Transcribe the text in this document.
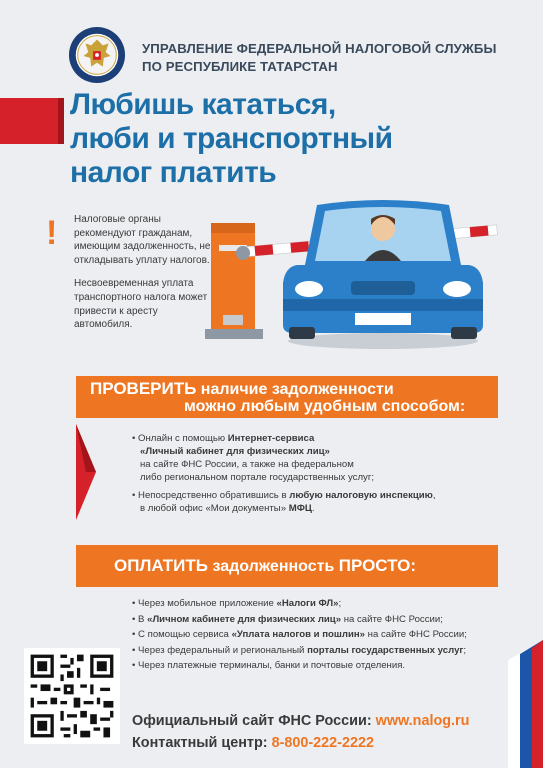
УПРАВЛЕНИЕ ФЕДЕРАЛЬНОЙ НАЛОГОВОЙ СЛУЖБЫ
ПО РЕСПУБЛИКЕ ТАТАРСТАН
Любишь кататься,
люби и транспортный
налог платить
! Налоговые органы рекомендуют гражданам, имеющим задолженность, не откладывать уплату налогов.

Несвоевременная уплата транспортного налога может привести к аресту автомобиля.

ПРОВЕРИТЬ наличие задолженности
можно любым удобным способом:
• Онлайн с помощью Интернет-сервиса
«Личный кабинет для физических лиц»
на сайте ФНС России, а также на федеральном
либо региональном портале государственных услуг;
• Непосредственно обратившись в любую налоговую инспекцию,
в любой офис «Мои документы» МФЦ.
ОПЛАТИТЬ задолженность ПРОСТО:
• Через мобильное приложение «Налоги ФЛ»;
• В «Личном кабинете для физических лиц» на сайте ФНС России;
• С помощью сервиса «Уплата налогов и пошлин» на сайте ФНС России;
• Через федеральный и региональный порталы государственных услуг;
• Через платежные терминалы, банки и почтовые отделения.
Официальный сайт ФНС России: www.nalog.ru
Контактный центр: 8-800-222-2222
